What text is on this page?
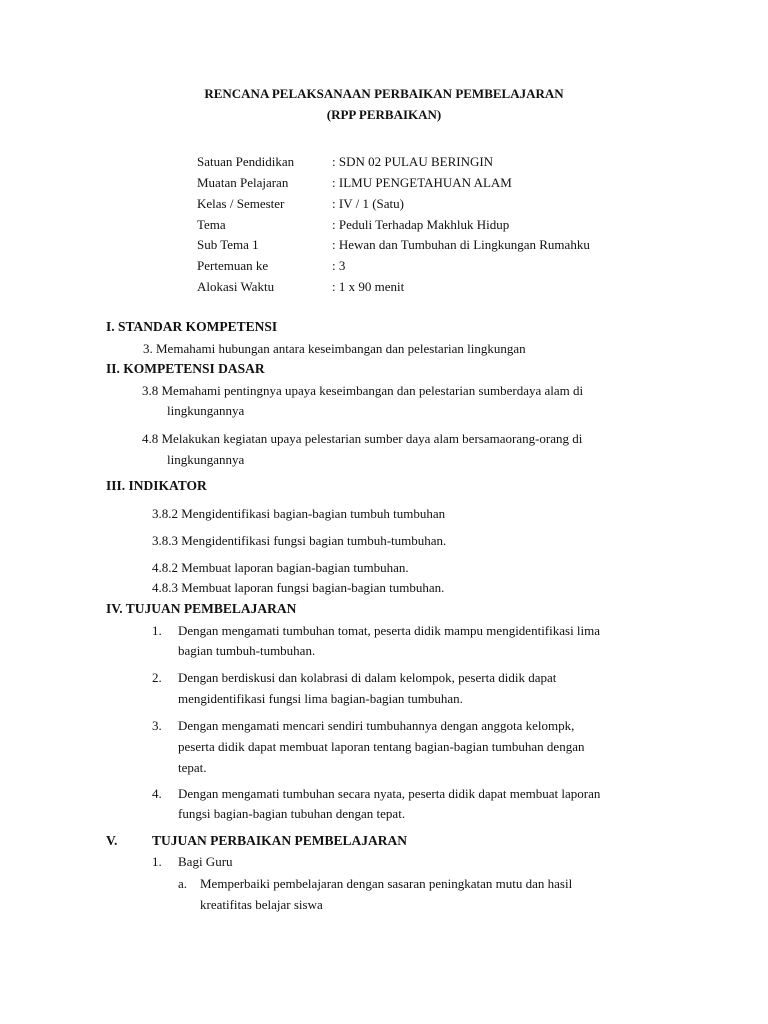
RENCANA PELAKSANAAN PERBAIKAN PEMBELAJARAN
(RPP PERBAIKAN)
Satuan Pendidikan	: SDN 02 PULAU BERINGIN
Muatan Pelajaran	: ILMU PENGETAHUAN ALAM
Kelas / Semester	: IV / 1 (Satu)
Tema	: Peduli Terhadap Makhluk Hidup
Sub Tema 1	: Hewan dan Tumbuhan di Lingkungan Rumahku
Pertemuan ke	: 3
Alokasi Waktu	: 1 x 90 menit
I. STANDAR KOMPETENSI
3. Memahami hubungan antara keseimbangan dan pelestarian lingkungan
II. KOMPETENSI DASAR
3.8 Memahami pentingnya upaya keseimbangan dan pelestarian sumberdaya alam di
lingkungannya
4.8 Melakukan kegiatan upaya pelestarian sumber daya alam bersamaorang-orang di
lingkungannya
III. INDIKATOR
3.8.2 Mengidentifikasi bagian-bagian tumbuh tumbuhan
3.8.3 Mengidentifikasi fungsi bagian tumbuh-tumbuhan.
4.8.2 Membuat laporan bagian-bagian tumbuhan.
4.8.3 Membuat laporan fungsi bagian-bagian tumbuhan.
IV. TUJUAN PEMBELAJARAN
1. Dengan mengamati tumbuhan tomat, peserta didik mampu mengidentifikasi lima
bagian tumbuh-tumbuhan.
2. Dengan berdiskusi dan kolabrasi di dalam kelompok, peserta didik dapat
mengidentifikasi fungsi lima bagian-bagian tumbuhan.
3. Dengan mengamati mencari sendiri tumbuhannya dengan anggota kelompk,
peserta didik dapat membuat laporan tentang bagian-bagian tumbuhan dengan
tepat.
4. Dengan mengamati tumbuhan secara nyata, peserta didik dapat membuat laporan
fungsi bagian-bagian tubuhan dengan tepat.
V.	TUJUAN PERBAIKAN PEMBELAJARAN
1. Bagi Guru
a. Memperbaiki pembelajaran dengan sasaran peningkatan mutu dan hasil
kreatifitas belajar siswa
